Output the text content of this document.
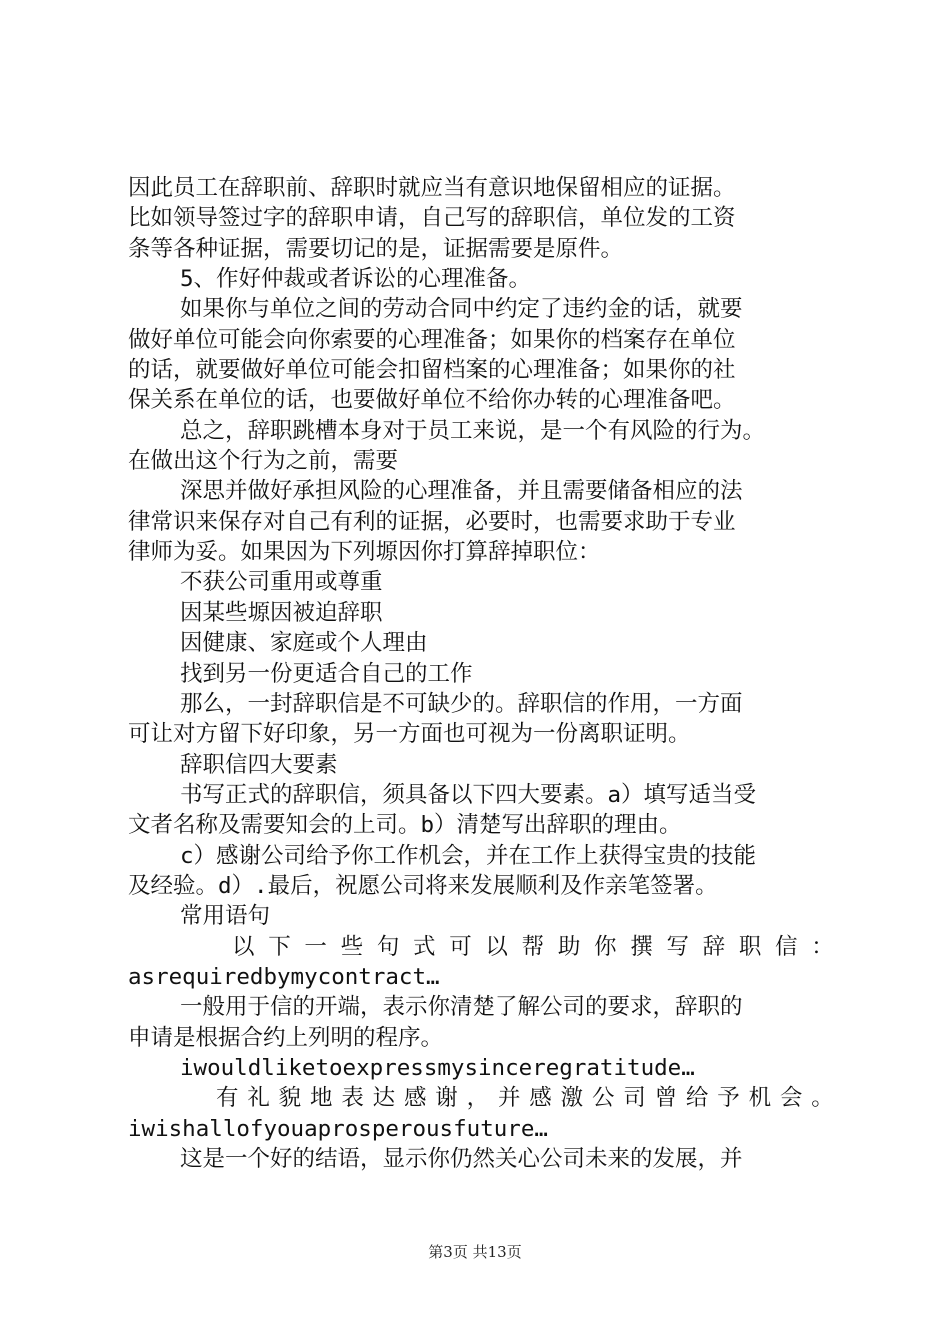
因此员工在辞职前、辞职时就应当有意识地保留相应的证据。
比如领导签过字的辞职申请，自己写的辞职信，单位发的工资
条等各种证据，需要切记的是，证据需要是原件。
5、作好仲裁或者诉讼的心理准备。
如果你与单位之间的劳动合同中约定了违约金的话，就要
做好单位可能会向你索要的心理准备；如果你的档案存在单位
的话，就要做好单位可能会扣留档案的心理准备；如果你的社
保关系在单位的话，也要做好单位不给你办转的心理准备吧。
总之，辞职跳槽本身对于员工来说，是一个有风险的行为。
在做出这个行为之前，需要
深思并做好承担风险的心理准备，并且需要储备相应的法
律常识来保存对自己有利的证据，必要时，也需要求助于专业
律师为妥。如果因为下列塬因你打算辞掉职位：
不获公司重用或尊重
因某些塬因被迫辞职
因健康、家庭或个人理由
找到另一份更适合自己的工作
那么，一封辞职信是不可缺少的。辞职信的作用，一方面
可让对方留下好印象，另一方面也可视为一份离职证明。
辞职信四大要素
书写正式的辞职信，须具备以下四大要素。a）填写适当受
文者名称及需要知会的上司。b）清楚写出辞职的理由。
c）感谢公司给予你工作机会，并在工作上获得宝贵的技能
及经验。d）.最后，祝愿公司将来发展顺利及作亲笔签署。
常用语句
以 下 一 些 句 式 可 以 帮 助 你 撰 写 辞 职 信 ：
asrequiredbymycontract…
一般用于信的开端，表示你清楚了解公司的要求，辞职的
申请是根据合约上列明的程序。
iwouldliketoexpressmysinceregratitude…
有 礼 貌 地 表 达 感 谢 ， 并 感 激 公 司 曾 给 予 机 会 。
iwishallofyouaprosperousfuture…
这是一个好的结语，显示你仍然关心公司未来的发展，并
第3页 共13页
